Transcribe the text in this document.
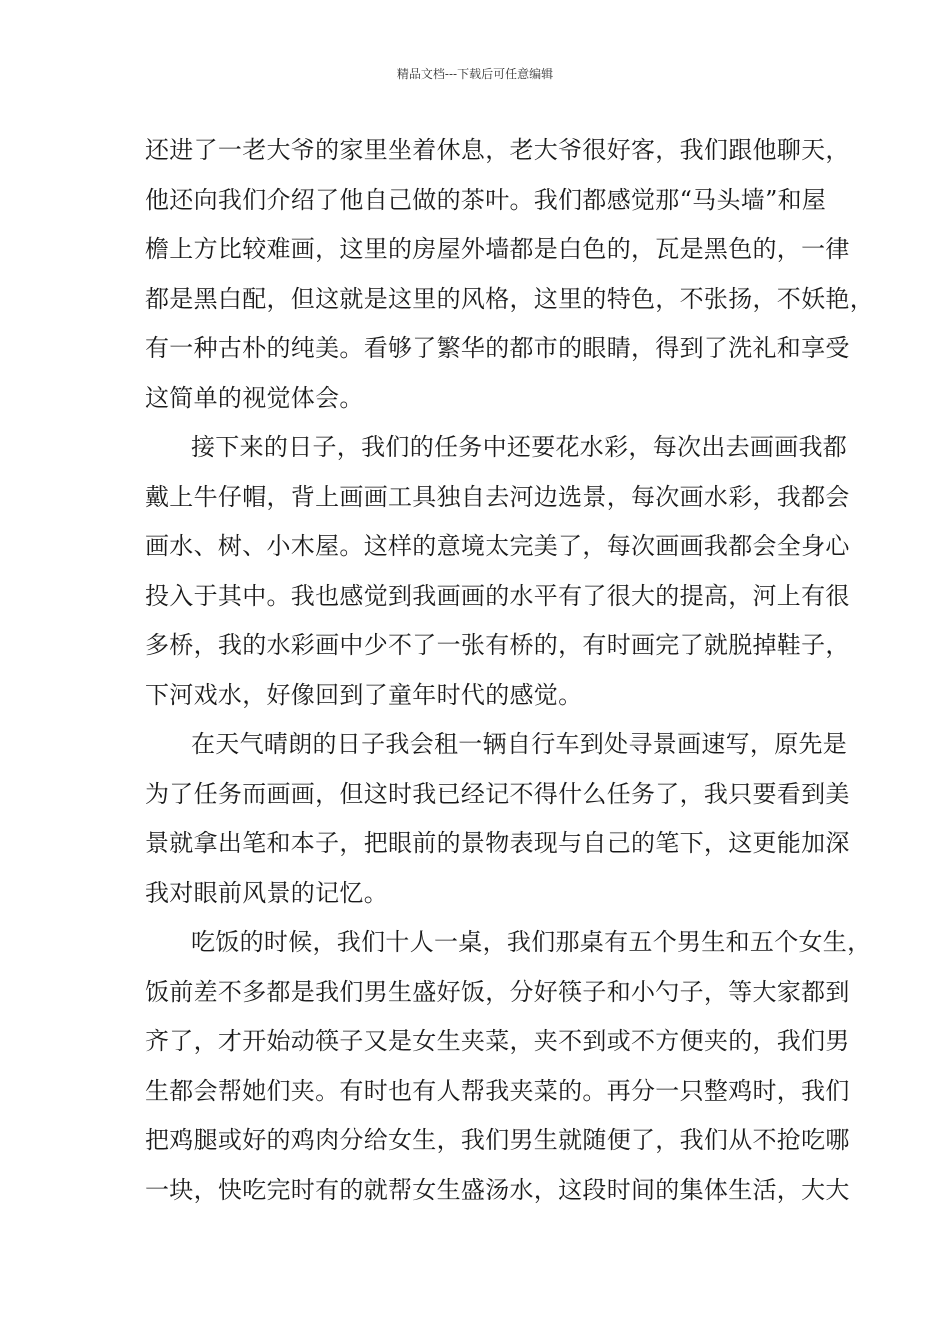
精品文档---下载后可任意编辑
还进了一老大爷的家里坐着休息，老大爷很好客，我们跟他聊天，
他还向我们介绍了他自己做的茶叶。我们都感觉那“马头墙”和屋
檐上方比较难画，这里的房屋外墙都是白色的，瓦是黑色的，一律
都是黑白配，但这就是这里的风格，这里的特色，不张扬，不妖艳，
有一种古朴的纯美。看够了繁华的都市的眼睛，得到了洗礼和享受
这简单的视觉体会。
接下来的日子，我们的任务中还要花水彩，每次出去画画我都
戴上牛仔帽，背上画画工具独自去河边选景，每次画水彩，我都会
画水、树、小木屋。这样的意境太完美了，每次画画我都会全身心
投入于其中。我也感觉到我画画的水平有了很大的提高，河上有很
多桥，我的水彩画中少不了一张有桥的，有时画完了就脱掉鞋子，
下河戏水，好像回到了童年时代的感觉。
在天气晴朗的日子我会租一辆自行车到处寻景画速写，原先是
为了任务而画画，但这时我已经记不得什么任务了，我只要看到美
景就拿出笔和本子，把眼前的景物表现与自己的笔下，这更能加深
我对眼前风景的记忆。
吃饭的时候，我们十人一桌，我们那桌有五个男生和五个女生，
饭前差不多都是我们男生盛好饭，分好筷子和小勺子，等大家都到
齐了，才开始动筷子又是女生夹菜，夹不到或不方便夹的，我们男
生都会帮她们夹。有时也有人帮我夹菜的。再分一只整鸡时，我们
把鸡腿或好的鸡肉分给女生，我们男生就随便了，我们从不抢吃哪
一块，快吃完时有的就帮女生盛汤水，这段时间的集体生活，大大
